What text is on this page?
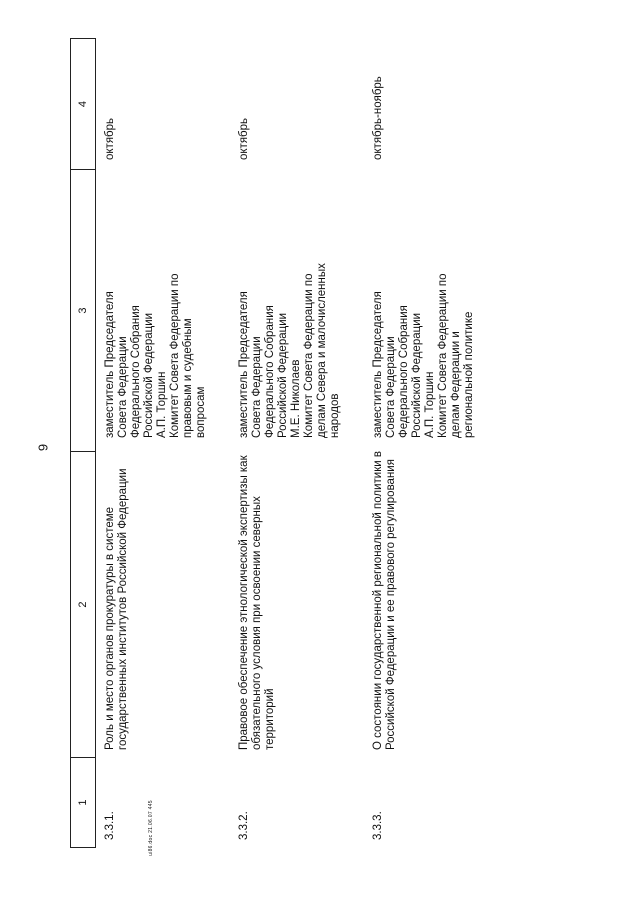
9
ui86.doc 21.06.07 445
1
2
3
4
3.3.1.
Роль и место органов прокуратуры в системе государственных институтов Российской Федерации
заместитель Председателя Совета Федерации Федерального Собрания Российской Федерации А.П. Торшин Комитет Совета Федерации по правовым и судебным вопросам
октябрь
3.3.2.
Правовое обеспечение этнологической экспертизы как обязательного условия при освоении северных территорий
заместитель Председателя Совета Федерации Федерального Собрания Российской Федерации М.Е. Николаев Комитет Совета Федерации по делам Севера и малочисленных народов
октябрь
3.3.3.
О состоянии государственной региональной политики в Российской Федерации и ее правового регулирования
заместитель Председателя Совета Федерации Федерального Собрания Российской Федерации А.П. Торшин Комитет Совета Федерации по делам Федерации и региональной политике
октябрь-ноябрь
